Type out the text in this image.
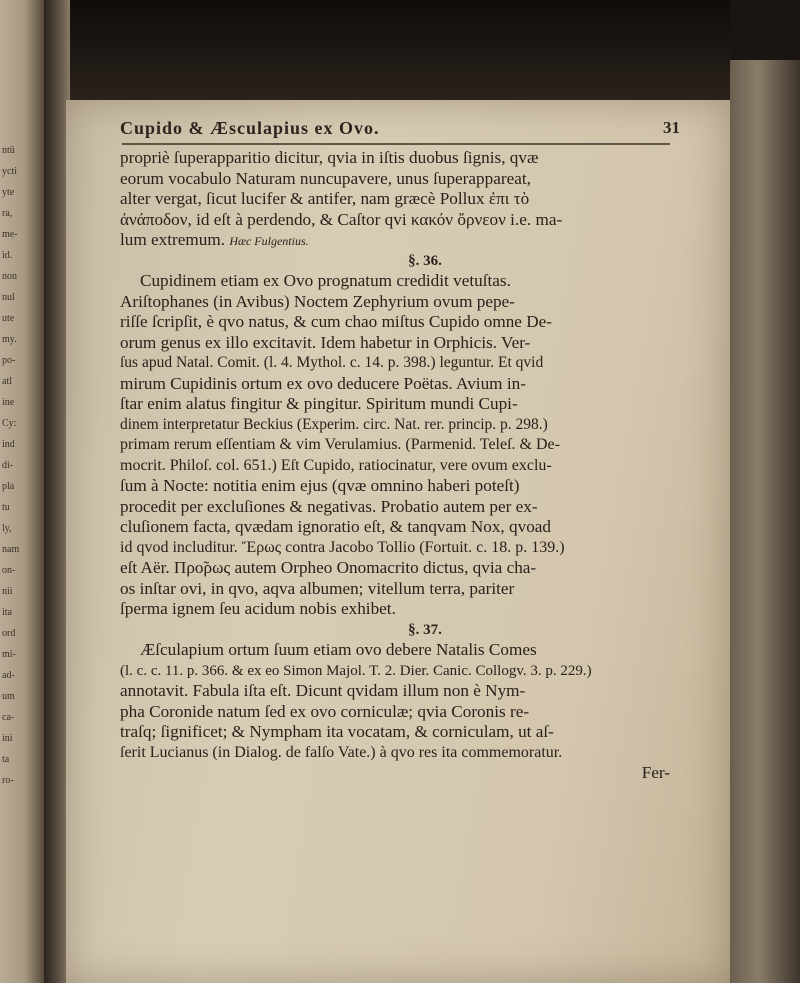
ntū
ycti
yte
ra,
me-
id.
non
nul
ute
my.
po-
atl
ine
Cy:
ind
di-
pla
tu
ly,
nam
on-
nii
ita
ord
mi-
ad-
um
ca-
ini
ta
ro-
Cupido & Æsculapius ex Ovo.	31
propriè ſuperapparitio dicitur, qvia in iſtis duobus ſignis, qvæ
eorum vocabulo Naturam nuncupavere, unus ſuperappareat,
alter vergat, ſicut lucifer & antifer, nam græcè Pollux ἐπι τὸ
ἀνάποδον, id eſt à perdendo, & Caſtor qvi κακόν ὄρνεον i.e. ma-
lum extremum. Hæc Fulgentius.
§. 36.
Cupidinem etiam ex Ovo prognatum credidit vetuſtas.
Ariſtophanes (in Avibus) Noctem Zephyrium ovum pepe-
riſſe ſcripſit, è qvo natus, & cum chao miſtus Cupido omne De-
orum genus ex illo excitavit. Idem habetur in Orphicis. Ver-
ſus apud Natal. Comit. (l. 4. Mythol. c. 14. p. 398.) leguntur. Et qvid
mirum Cupidinis ortum ex ovo deducere Poëtas. Avium in-
ſtar enim alatus fingitur & pingitur. Spiritum mundi Cupi-
dinem interpretatur Beckius (Experim. circ. Nat. rer. princip. p. 298.)
primam rerum eſſentiam & vim Verulamius. (Parmenid. Teleſ. & De-
mocrit. Philoſ. col. 651.) Eſt Cupido, ratiocinatur, vere ovum exclu-
ſum à Nocte: notitia enim ejus (qvæ omnino haberi poteſt)
procedit per excluſiones & negativas. Probatio autem per ex-
cluſionem facta, qvædam ignoratio eſt, & tanqvam Nox, qvoad
id qvod includitur. Ἔρως contra Jacobo Tollio (Fortuit. c. 18. p. 139.)
eſt Aër. Προ̃ρως autem Orpheo Onomacrito dictus, qvia cha-
os inſtar ovi, in qvo, aqva albumen; vitellum terra, pariter
ſperma ignem ſeu acidum nobis exhibet.
§. 37.
Æſculapium ortum ſuum etiam ovo debere Natalis Comes
(l. c. c. 11. p. 366. & ex eo Simon Majol. T. 2. Dier. Canic. Collogv. 3. p. 229.)
annotavit. Fabula iſta eſt. Dicunt qvidam illum non è Nym-
pha Coronide natum ſed ex ovo corniculæ; qvia Coronis re-
traſq; ſignificet; & Nympham ita vocatam, & corniculam, ut aſ-
ſerit Lucianus (in Dialog. de falſo Vate.) à qvo res ita commemoratur.
Fer-
